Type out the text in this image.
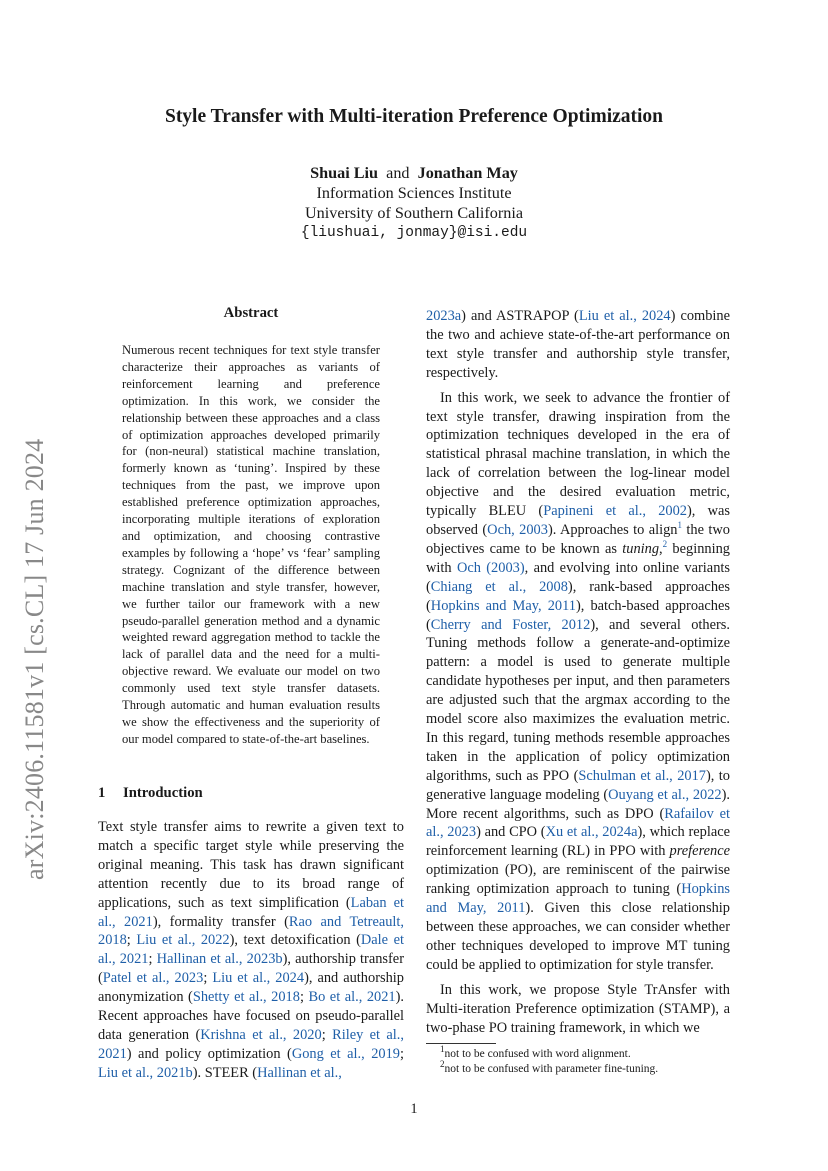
arXiv:2406.11581v1 [cs.CL] 17 Jun 2024
Style Transfer with Multi-iteration Preference Optimization
Shuai Liu and Jonathan May
Information Sciences Institute
University of Southern California
{liushuai, jonmay}@isi.edu
Abstract

Numerous recent techniques for text style transfer characterize their approaches as variants of reinforcement learning and preference optimization. In this work, we consider the relationship between these approaches and a class of optimization approaches developed primarily for (non-neural) statistical machine translation, formerly known as ‘tuning’. Inspired by these techniques from the past, we improve upon established preference optimization approaches, incorporating multiple iterations of exploration and optimization, and choosing contrastive examples by following a ‘hope’ vs ‘fear’ sampling strategy. Cognizant of the difference between machine translation and style transfer, however, we further tailor our framework with a new pseudo-parallel generation method and a dynamic weighted reward aggregation method to tackle the lack of parallel data and the need for a multi-objective reward. We evaluate our model on two commonly used text style transfer datasets. Through automatic and human evaluation results we show the effectiveness and the superiority of our model compared to state-of-the-art baselines.

1 Introduction

Text style transfer aims to rewrite a given text to match a specific target style while preserving the original meaning. This task has drawn significant attention recently due to its broad range of applications, such as text simplification (Laban et al., 2021), formality transfer (Rao and Tetreault, 2018; Liu et al., 2022), text detoxification (Dale et al., 2021; Hallinan et al., 2023b), authorship transfer (Patel et al., 2023; Liu et al., 2024), and authorship anonymization (Shetty et al., 2018; Bo et al., 2021). Recent approaches have focused on pseudo-parallel data generation (Krishna et al., 2020; Riley et al., 2021) and policy optimization (Gong et al., 2019; Liu et al., 2021b). STEER (Hallinan et al.,

2023a) and ASTRAPOP (Liu et al., 2024) combine the two and achieve state-of-the-art performance on text style transfer and authorship style transfer, respectively.

In this work, we seek to advance the frontier of text style transfer, drawing inspiration from the optimization techniques developed in the era of statistical phrasal machine translation, in which the lack of correlation between the log-linear model objective and the desired evaluation metric, typically BLEU (Papineni et al., 2002), was observed (Och, 2003). Approaches to align$^1$ the two objectives came to be known as tuning,$^2$ beginning with Och (2003), and evolving into online variants (Chiang et al., 2008), rank-based approaches (Hopkins and May, 2011), batch-based approaches (Cherry and Foster, 2012), and several others. Tuning methods follow a generate-and-optimize pattern: a model is used to generate multiple candidate hypotheses per input, and then parameters are adjusted such that the argmax according to the model score also maximizes the evaluation metric. In this regard, tuning methods resemble approaches taken in the application of policy optimization algorithms, such as PPO (Schulman et al., 2017), to generative language modeling (Ouyang et al., 2022). More recent algorithms, such as DPO (Rafailov et al., 2023) and CPO (Xu et al., 2024a), which replace reinforcement learning (RL) in PPO with preference optimization (PO), are reminiscent of the pairwise ranking optimization approach to tuning (Hopkins and May, 2011). Given this close relationship between these approaches, we can consider whether other techniques developed to improve MT tuning could be applied to optimization for style transfer.

In this work, we propose Style TrAnsfer with Multi-iteration Preference optimization (STAMP), a two-phase PO training framework, in which we

$^1$not to be confused with word alignment.
$^2$not to be confused with parameter fine-tuning.
1
